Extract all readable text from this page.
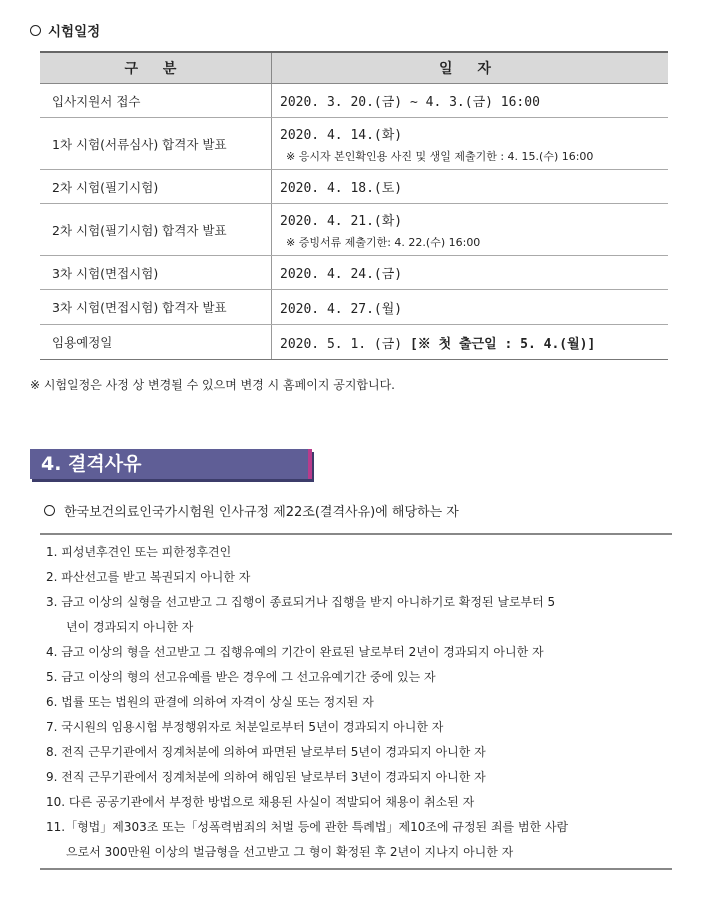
시험일정
구 분	일 자
입사지원서 접수	2020. 3. 20.(금) ~ 4. 3.(금) 16:00
1차 시험(서류심사) 합격자 발표	2020. 4. 14.(화)
※ 응시자 본인확인용 사진 및 생일 제출기한 : 4. 15.(수) 16:00

2차 시험(필기시험)	2020. 4. 18.(토)
2차 시험(필기시험) 합격자 발표	2020. 4. 21.(화)
※ 증빙서류 제출기한: 4. 22.(수) 16:00

3차 시험(면접시험)	2020. 4. 24.(금)
3차 시험(면접시험) 합격자 발표	2020. 4. 27.(월)
임용예정일	2020. 5. 1. (금) [※ 첫 출근일 : 5. 4.(월)]
※ 시험일정은 사정 상 변경될 수 있으며 변경 시 홈페이지 공지합니다.
4. 결격사유
한국보건의료인국가시험원 인사규정 제22조(결격사유)에 해당하는 자
1. 피성년후견인 또는 피한정후견인
2. 파산선고를 받고 복권되지 아니한 자
3. 금고 이상의 실형을 선고받고 그 집행이 종료되거나 집행을 받지 아니하기로 확정된 날로부터 5
년이 경과되지 아니한 자
4. 금고 이상의 형을 선고받고 그 집행유예의 기간이 완료된 날로부터 2년이 경과되지 아니한 자
5. 금고 이상의 형의 선고유예를 받은 경우에 그 선고유예기간 중에 있는 자
6. 법률 또는 법원의 판결에 의하여 자격이 상실 또는 정지된 자
7. 국시원의 임용시험 부정행위자로 처분일로부터 5년이 경과되지 아니한 자
8. 전직 근무기관에서 징계처분에 의하여 파면된 날로부터 5년이 경과되지 아니한 자
9. 전직 근무기관에서 징계처분에 의하여 해임된 날로부터 3년이 경과되지 아니한 자
10. 다른 공공기관에서 부정한 방법으로 채용된 사실이 적발되어 채용이 취소된 자
11.「형법」제303조 또는「성폭력범죄의 처벌 등에 관한 특례법」제10조에 규정된 죄를 범한 사람
으로서 300만원 이상의 벌금형을 선고받고 그 형이 확정된 후 2년이 지나지 아니한 자
